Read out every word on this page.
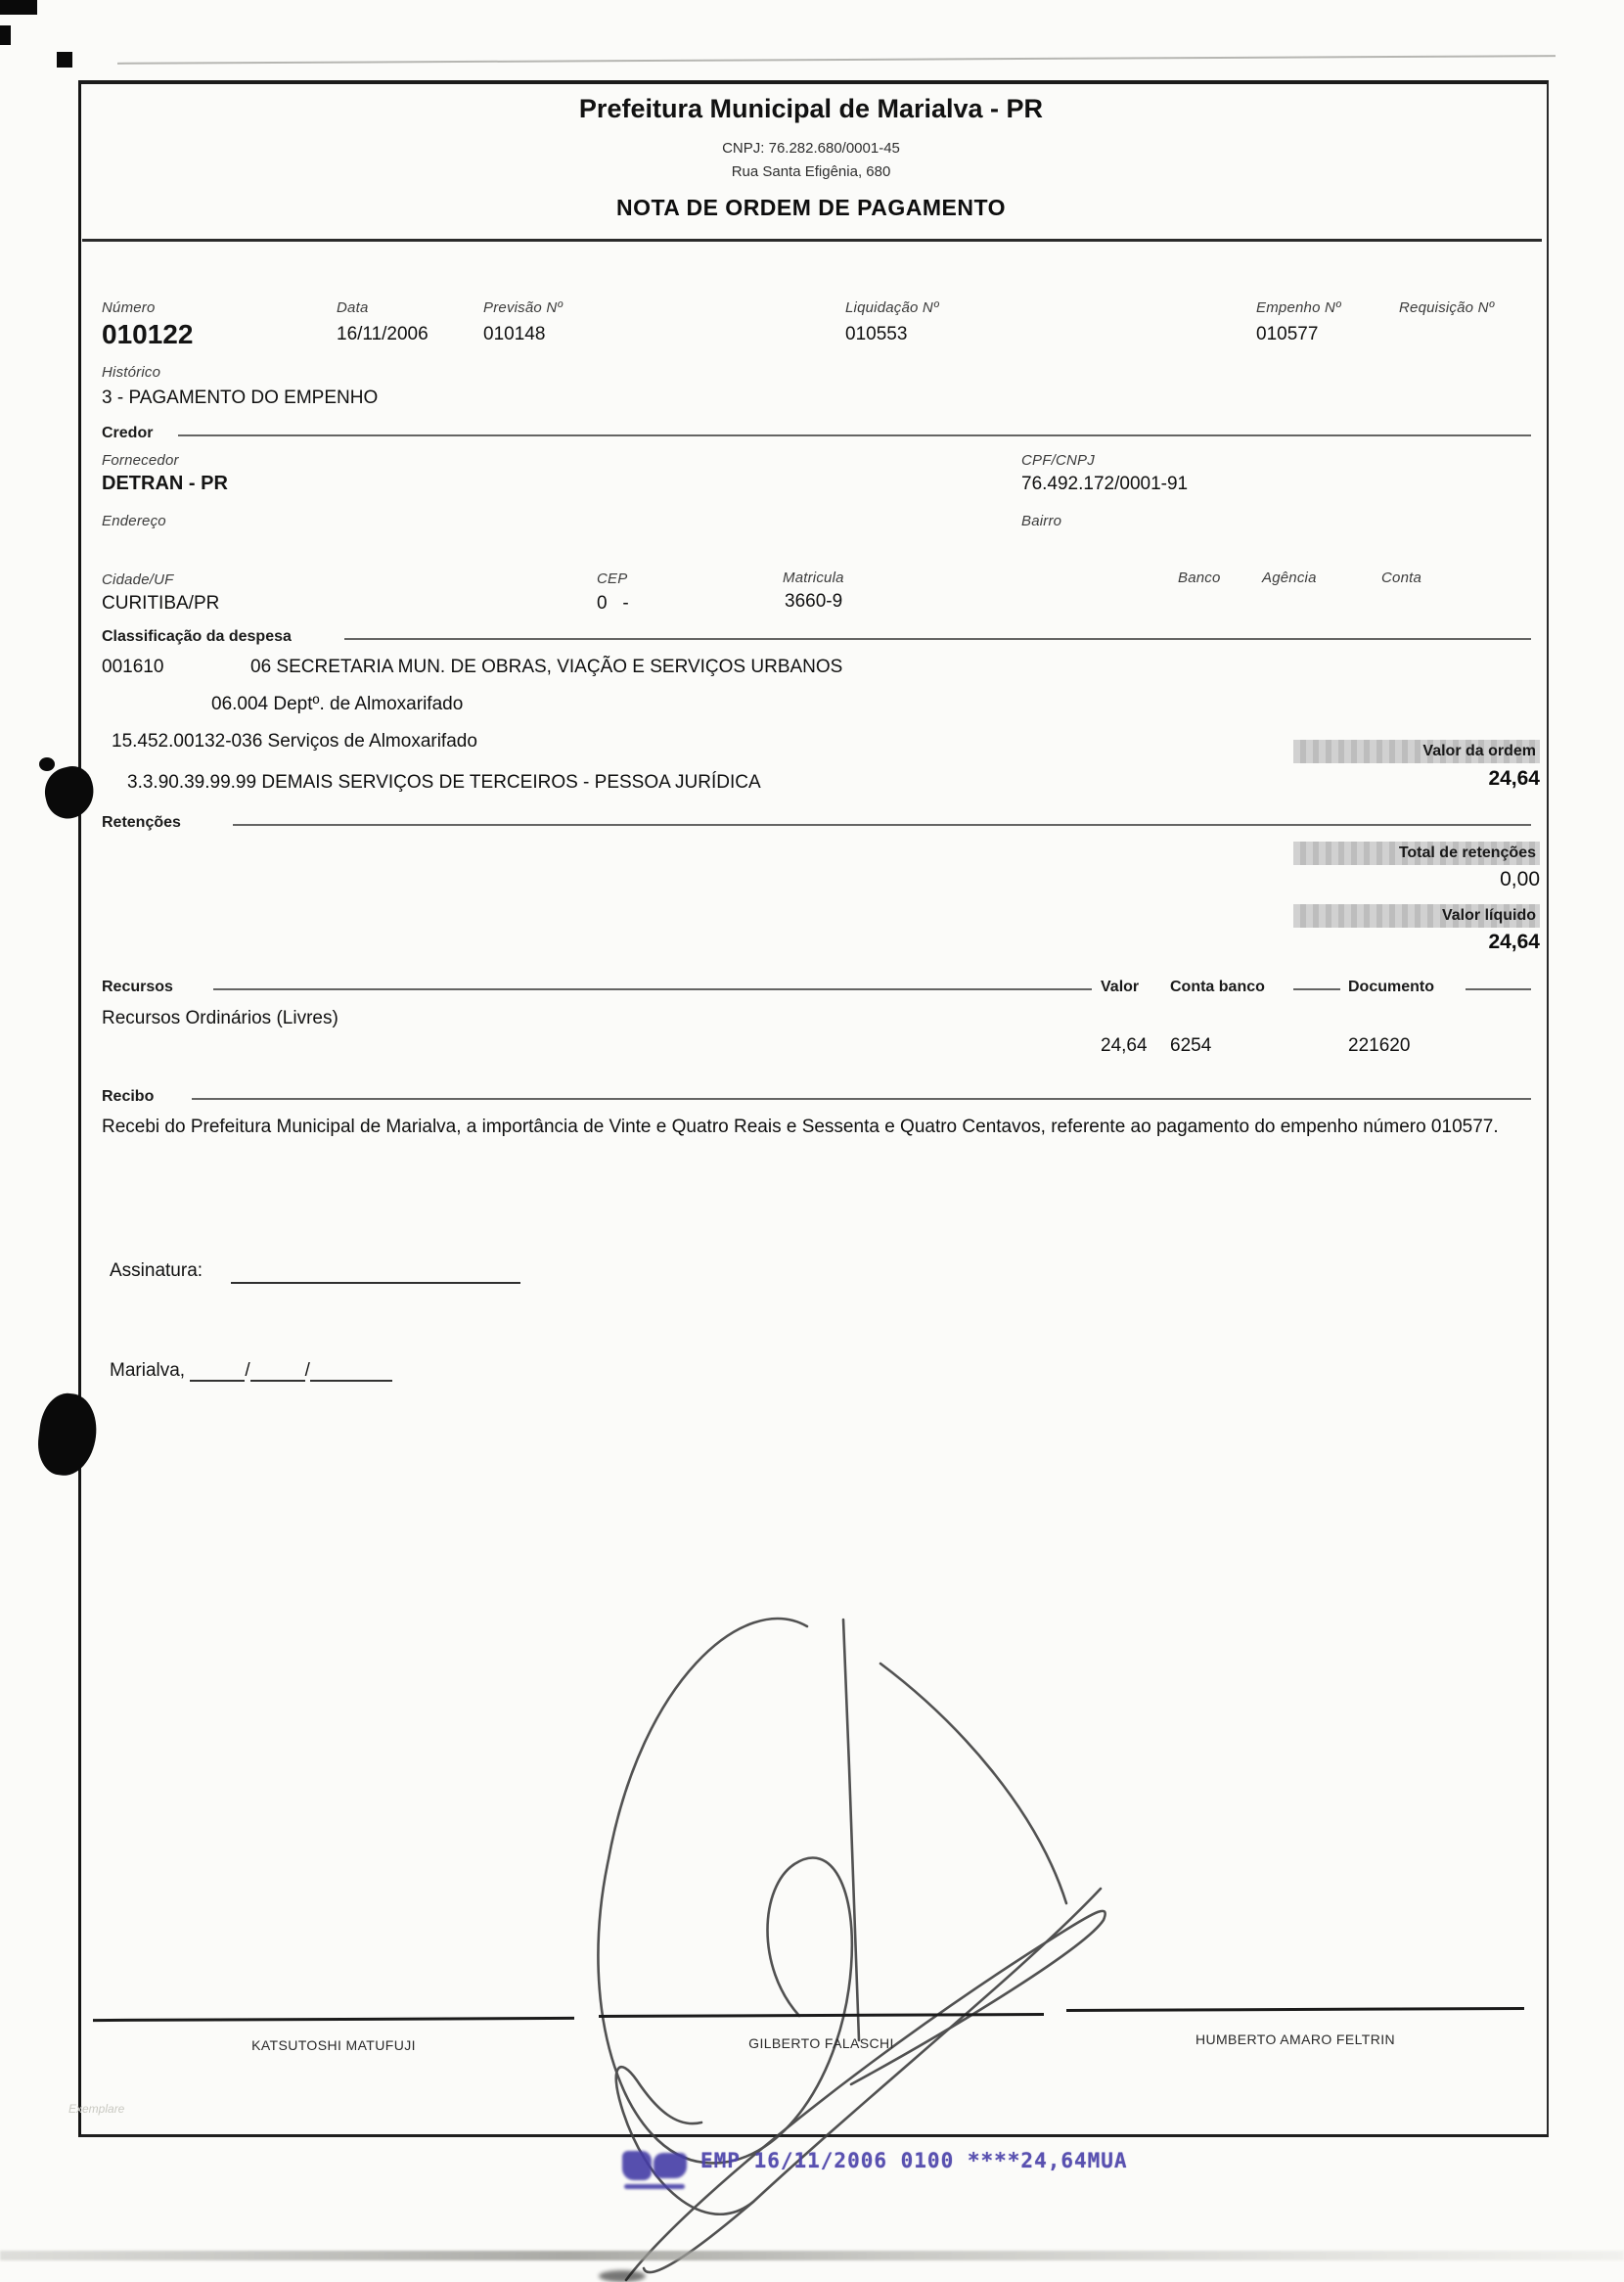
Prefeitura Municipal de Marialva - PR
CNPJ: 76.282.680/0001-45
Rua Santa Efigênia, 680
NOTA DE ORDEM DE PAGAMENTO
Número
010122
Data
16/11/2006
Previsão Nº
010148
Liquidação Nº
010553
Empenho Nº
010577
Requisição Nº
Histórico
3 - PAGAMENTO DO EMPENHO
Credor
Fornecedor	CPF/CNPJ
DETRAN - PR	76.492.172/0001-91
Endereço	Bairro
Cidade/UF	CEP	Matricula	Banco	Agência	Conta
CURITIBA/PR	0   -	3660-9
Classificação da despesa
001610	06 SECRETARIA MUN. DE OBRAS, VIAÇÃO E SERVIÇOS URBANOS
06.004 Deptº. de Almoxarifado
15.452.00132-036 Serviços de Almoxarifado
3.3.90.39.99.99 DEMAIS SERVIÇOS DE TERCEIROS - PESSOA JURÍDICA
Valor da ordem
24,64
Retenções
Total de retenções
0,00
Valor líquido
24,64
Recursos	Valor Conta banco	Documento
Recursos Ordinários (Livres)
24,64 6254	221620
Recibo
Recebi do Prefeitura Municipal de Marialva, a importância de Vinte e Quatro Reais e Sessenta e Quatro Centavos, referente ao pagamento do empenho número 010577.
Assinatura:
Marialva,	/	/
KATSUTOSHI MATUFUJI	GILBERTO FALASCHI	HUMBERTO AMARO FELTRIN
Exemplare
EMP 16/11/2006 0100 ****24,64MUA
